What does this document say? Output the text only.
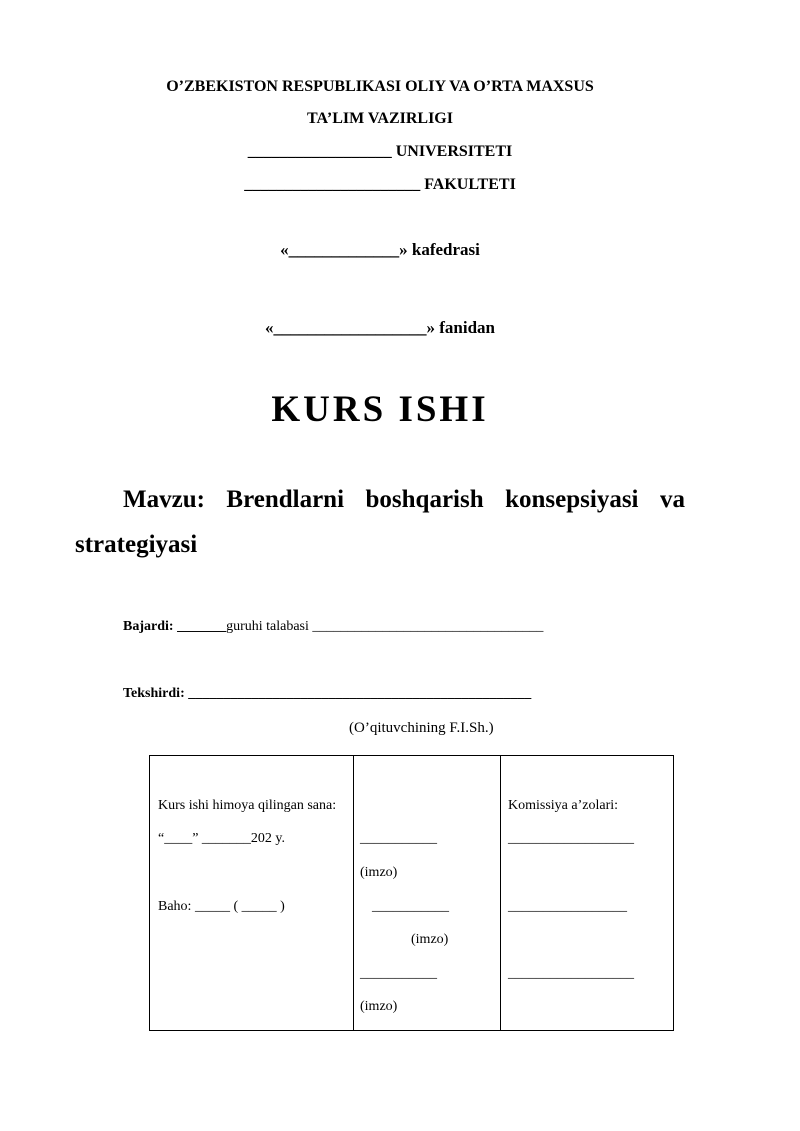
O’ZBEKISTON RESPUBLIKASI OLIY VA O’RTA MAXSUS
TA’LIM VAZIRLIGI
__________________ UNIVERSITETI
______________________ FAKULTETI
«_____________» kafedrasi
«__________________» fanidan
KURS ISHI
Mavzu: Brendlarni boshqarish konsepsiyasi va
strategiyasi
Bajardi: _______guruhi talabasi _________________________________
Tekshirdi: _________________________________________________
(O’qituvchining F.I.Sh.)
Kurs ishi himoya qilingan sana:
“____” _______202 y.
Baho: _____ ( _____ )

___________
(imzo)
___________
(imzo)
___________
(imzo)

Komissiya a’zolari:
__________________
_________________
__________________
